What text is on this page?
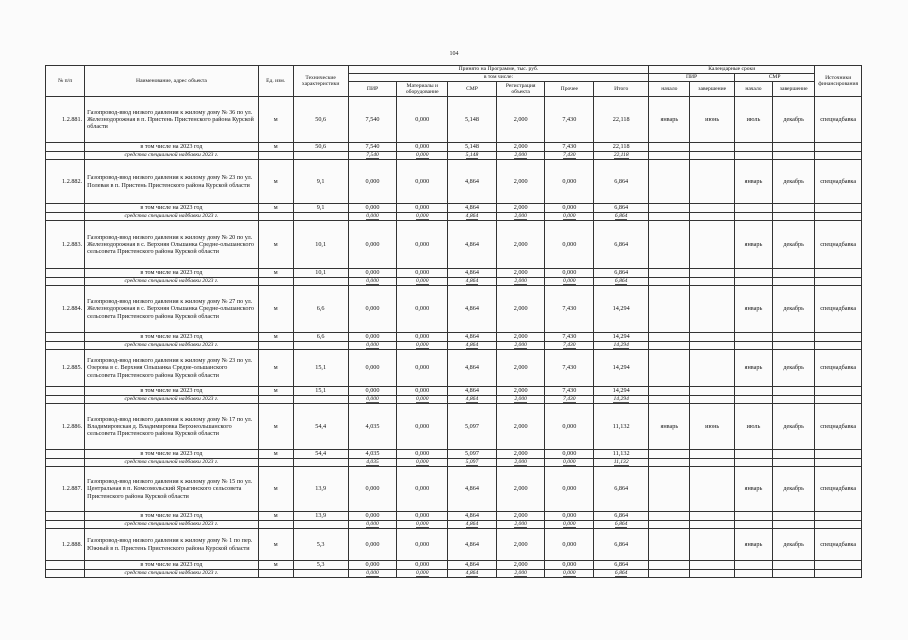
104
№ п/п	Наименование, адрес объекта	Ед. изм.	Технические характеристики	Принято на Программе, тыс. руб.						Календарные сроки				Источники финансирования
				в том числе:						ПИР		СМР		
				ПИР	Материалы и оборудование	СМР	Регистрация объекта	Прочее	Итого	начало	завершение	начало	завершение	
1.2.881.	Газопровод-ввод низкого давления к жилому дому № 36 по ул. Железнодорожная в п. Пристень Пристенского района Курской области	м	50,6	7,540	0,000	5,148	2,000	7,430	22,118	январь	июнь	июль	декабрь	спецнадбавка
	в том числе на 2023 год	м	50,6	7,540	0,000	5,148	2,000	7,430	22,118					
	средства специальной надбавки 2023 г.			7,540	0,000	5,148	2,000	7,430	22,118					
1.2.882.	Газопровод-ввод низкого давления к жилому дому № 23 по ул. Полевая в п. Пристень Пристенского района Курской области	м	9,1	0,000	0,000	4,864	2,000	0,000	6,864			январь	декабрь	спецнадбавка
	в том числе на 2023 год	м	9,1	0,000	0,000	4,864	2,000	0,000	6,864					
	средства специальной надбавки 2023 г.			0,000	0,000	4,864	2,000	0,000	6,864					
1.2.883.	Газопровод-ввод низкого давления к жилому дому № 20 по ул. Железнодорожная в с. Верхняя Ольшанка Средне-ольшанского сельсовета Пристенского района Курской области	м	10,1	0,000	0,000	4,864	2,000	0,000	6,864			январь	декабрь	спецнадбавка
	в том числе на 2023 год	м	10,1	0,000	0,000	4,864	2,000	0,000	6,864					
	средства специальной надбавки 2023 г.			0,000	0,000	4,864	2,000	0,000	6,864					
1.2.884.	Газопровод-ввод низкого давления к жилому дому № 27 по ул. Железнодорожная в с. Верхняя Ольшанка Средне-ольшанского сельсовета Пристенского района Курской области	м	6,6	0,000	0,000	4,864	2,000	7,430	14,294			январь	декабрь	спецнадбавка
	в том числе на 2023 год	м	6,6	0,000	0,000	4,864	2,000	7,430	14,294					
	средства специальной надбавки 2023 г.			0,000	0,000	4,864	2,000	7,430	14,294					
1.2.885.	Газопровод-ввод низкого давления к жилому дому № 23 по ул. Озерова в с. Верхняя Ольшанка Средне-ольшанского сельсовета Пристенского района Курской области	м	15,1	0,000	0,000	4,864	2,000	7,430	14,294			январь	декабрь	спецнадбавка
	в том числе на 2023 год	м	15,1	0,000	0,000	4,864	2,000	7,430	14,294					
	средства специальной надбавки 2023 г.			0,000	0,000	4,864	2,000	7,430	14,294					
1.2.886.	Газопровод-ввод низкого давления к жилому дому № 17 по ул. Владимировская д. Владимировка Верхнеольшанского сельсовета Пристенского района Курской области	м	54,4	4,035	0,000	5,097	2,000	0,000	11,132	январь	июнь	июль	декабрь	спецнадбавка
	в том числе на 2023 год	м	54,4	4,035	0,000	5,097	2,000	0,000	11,132					
	средства специальной надбавки 2023 г.			4,035	0,000	5,097	2,000	0,000	11,132					
1.2.887.	Газопровод-ввод низкого давления к жилому дому № 15 по ул. Центральная в п. Комсомольский Ярыгинского сельсовета Пристенского района Курской области	м	13,9	0,000	0,000	4,864	2,000	0,000	6,864			январь	декабрь	спецнадбавка
	в том числе на 2023 год	м	13,9	0,000	0,000	4,864	2,000	0,000	6,864					
	средства специальной надбавки 2023 г.			0,000	0,000	4,864	2,000	0,000	6,864					
1.2.888.	Газопровод-ввод низкого давления к жилому дому № 1 по пер. Южный в п. Пристень Пристенского района Курской области	м	5,3	0,000	0,000	4,864	2,000	0,000	6,864			январь	декабрь	спецнадбавка
	в том числе на 2023 год	м	5,3	0,000	0,000	4,864	2,000	0,000	6,864					
	средства специальной надбавки 2023 г.			0,000	0,000	4,864	2,000	0,000	6,864					
